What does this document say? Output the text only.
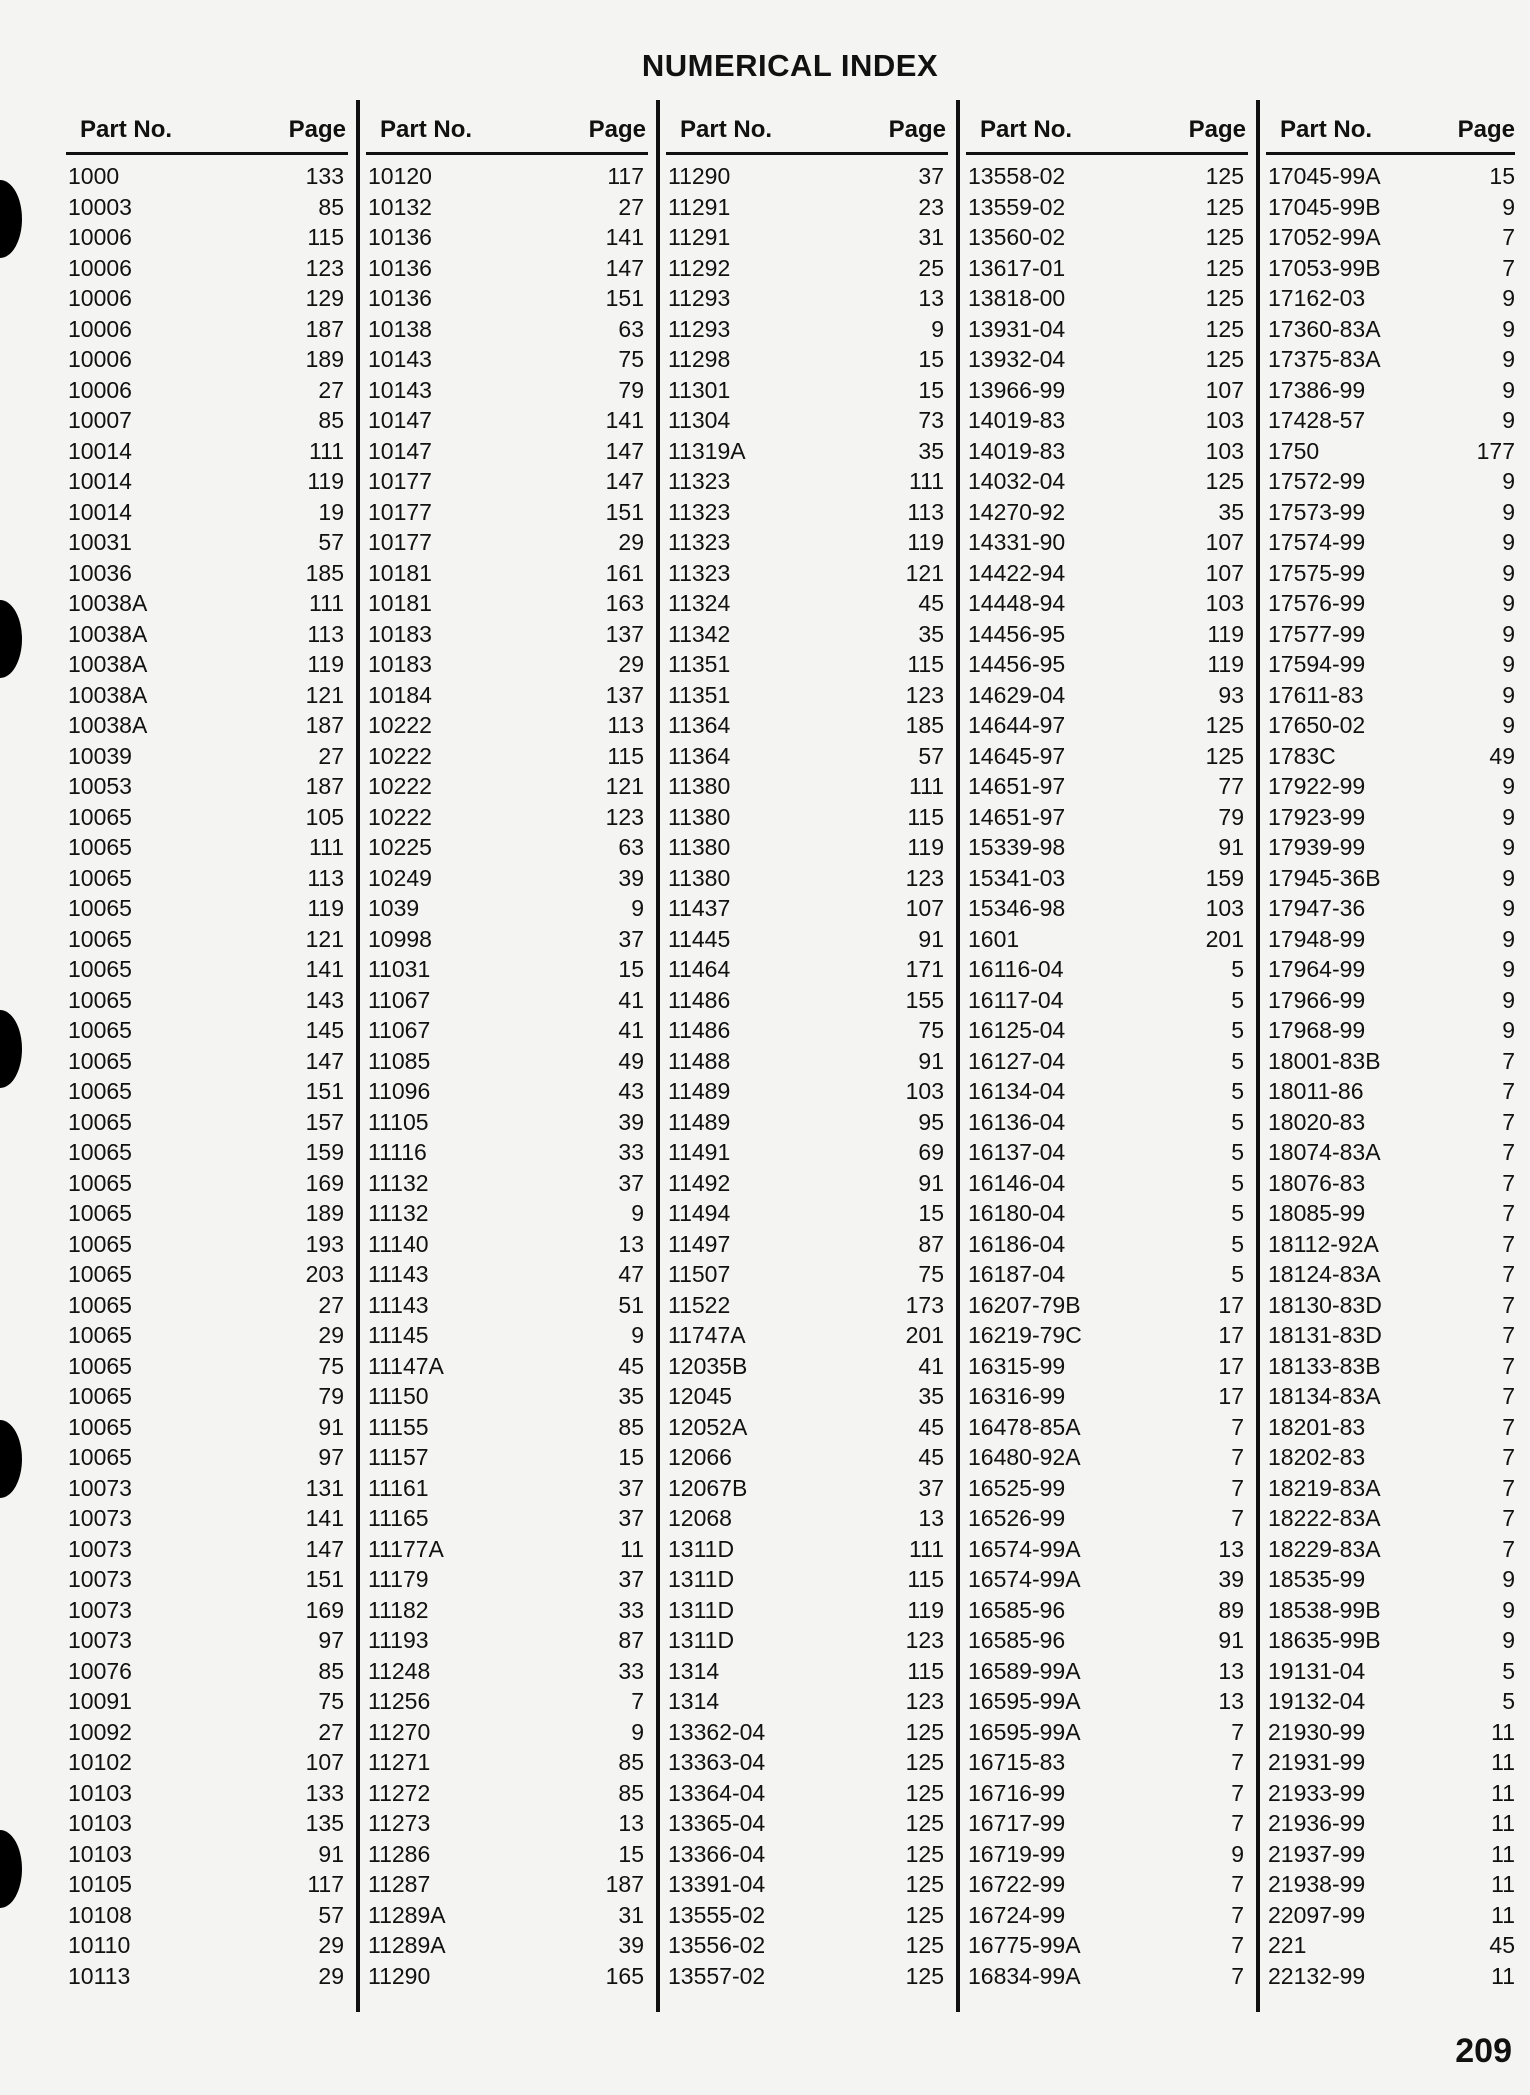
NUMERICAL INDEX
Part No.	Page
1000	133
10003	85
10006	115
10006	123
10006	129
10006	187
10006	189
10006	27
10007	85
10014	111
10014	119
10014	19
10031	57
10036	185
10038A	111
10038A	113
10038A	119
10038A	121
10038A	187
10039	27
10053	187
10065	105
10065	111
10065	113
10065	119
10065	121
10065	141
10065	143
10065	145
10065	147
10065	151
10065	157
10065	159
10065	169
10065	189
10065	193
10065	203
10065	27
10065	29
10065	75
10065	79
10065	91
10065	97
10073	131
10073	141
10073	147
10073	151
10073	169
10073	97
10076	85
10091	75
10092	27
10102	107
10103	133
10103	135
10103	91
10105	117
10108	57
10110	29
10113	29
Part No.	Page
10120	117
10132	27
10136	141
10136	147
10136	151
10138	63
10143	75
10143	79
10147	141
10147	147
10177	147
10177	151
10177	29
10181	161
10181	163
10183	137
10183	29
10184	137
10222	113
10222	115
10222	121
10222	123
10225	63
10249	39
1039	9
10998	37
11031	15
11067	41
11067	41
11085	49
11096	43
11105	39
11116	33
11132	37
11132	9
11140	13
11143	47
11143	51
11145	9
11147A	45
11150	35
11155	85
11157	15
11161	37
11165	37
11177A	11
11179	37
11182	33
11193	87
11248	33
11256	7
11270	9
11271	85
11272	85
11273	13
11286	15
11287	187
11289A	31
11289A	39
11290	165
Part No.	Page
11290	37
11291	23
11291	31
11292	25
11293	13
11293	9
11298	15
11301	15
11304	73
11319A	35
11323	111
11323	113
11323	119
11323	121
11324	45
11342	35
11351	115
11351	123
11364	185
11364	57
11380	111
11380	115
11380	119
11380	123
11437	107
11445	91
11464	171
11486	155
11486	75
11488	91
11489	103
11489	95
11491	69
11492	91
11494	15
11497	87
11507	75
11522	173
11747A	201
12035B	41
12045	35
12052A	45
12066	45
12067B	37
12068	13
1311D	111
1311D	115
1311D	119
1311D	123
1314	115
1314	123
13362-04	125
13363-04	125
13364-04	125
13365-04	125
13366-04	125
13391-04	125
13555-02	125
13556-02	125
13557-02	125
Part No.	Page
13558-02	125
13559-02	125
13560-02	125
13617-01	125
13818-00	125
13931-04	125
13932-04	125
13966-99	107
14019-83	103
14019-83	103
14032-04	125
14270-92	35
14331-90	107
14422-94	107
14448-94	103
14456-95	119
14456-95	119
14629-04	93
14644-97	125
14645-97	125
14651-97	77
14651-97	79
15339-98	91
15341-03	159
15346-98	103
1601	201
16116-04	5
16117-04	5
16125-04	5
16127-04	5
16134-04	5
16136-04	5
16137-04	5
16146-04	5
16180-04	5
16186-04	5
16187-04	5
16207-79B	17
16219-79C	17
16315-99	17
16316-99	17
16478-85A	7
16480-92A	7
16525-99	7
16526-99	7
16574-99A	13
16574-99A	39
16585-96	89
16585-96	91
16589-99A	13
16595-99A	13
16595-99A	7
16715-83	7
16716-99	7
16717-99	7
16719-99	9
16722-99	7
16724-99	7
16775-99A	7
16834-99A	7
Part No.	Page
17045-99A	15
17045-99B	9
17052-99A	7
17053-99B	7
17162-03	9
17360-83A	9
17375-83A	9
17386-99	9
17428-57	9
1750	177
17572-99	9
17573-99	9
17574-99	9
17575-99	9
17576-99	9
17577-99	9
17594-99	9
17611-83	9
17650-02	9
1783C	49
17922-99	9
17923-99	9
17939-99	9
17945-36B	9
17947-36	9
17948-99	9
17964-99	9
17966-99	9
17968-99	9
18001-83B	7
18011-86	7
18020-83	7
18074-83A	7
18076-83	7
18085-99	7
18112-92A	7
18124-83A	7
18130-83D	7
18131-83D	7
18133-83B	7
18134-83A	7
18201-83	7
18202-83	7
18219-83A	7
18222-83A	7
18229-83A	7
18535-99	9
18538-99B	9
18635-99B	9
19131-04	5
19132-04	5
21930-99	11
21931-99	11
21933-99	11
21936-99	11
21937-99	11
21938-99	11
22097-99	11
221	45
22132-99	11
209
